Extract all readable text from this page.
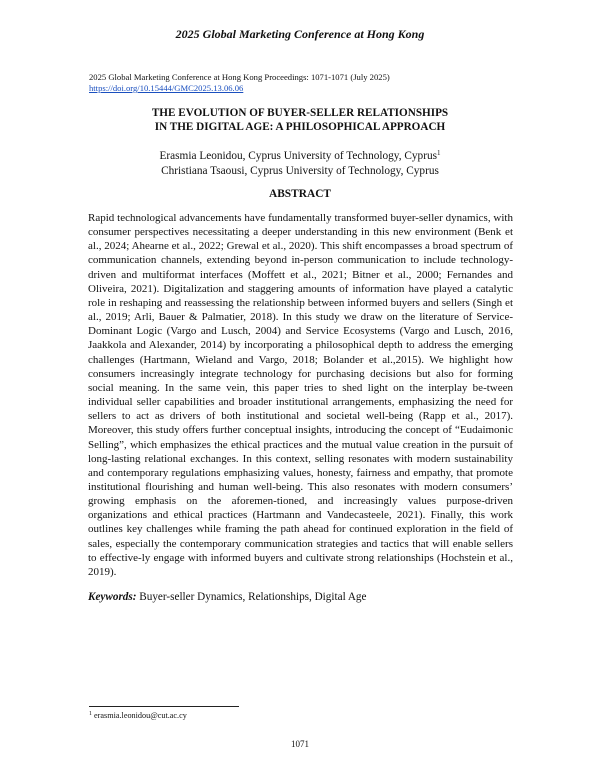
2025 Global Marketing Conference at Hong Kong
2025 Global Marketing Conference at Hong Kong Proceedings: 1071-1071 (July 2025)
https://doi.org/10.15444/GMC2025.13.06.06
THE EVOLUTION OF BUYER-SELLER RELATIONSHIPS
IN THE DIGITAL AGE: A PHILOSOPHICAL APPROACH
Erasmia Leonidou, Cyprus University of Technology, Cyprus$^1$
Christiana Tsaousi, Cyprus University of Technology, Cyprus
ABSTRACT
Rapid technological advancements have fundamentally transformed buyer-seller dynamics, with consumer perspectives necessitating a deeper understanding in this new environment (Benk et al., 2024; Ahearne et al., 2022; Grewal et al., 2020). This shift encompasses a broad spectrum of communication channels, extending beyond in-person communication to include technology-driven and multiformat interfaces (Moffett et al., 2021; Bitner et al., 2000; Fernandes and Oliveira, 2021). Digitalization and staggering amounts of information have played a catalytic role in reshaping and reassessing the relationship between informed buyers and sellers (Singh et al., 2019; Arli, Bauer & Palmatier, 2018). In this study we draw on the literature of Service-Dominant Logic (Vargo and Lusch, 2004) and Service Ecosystems (Vargo and Lusch, 2016, Jaakkola and Alexander, 2014) by incorporating a philosophical depth to address the emerging challenges (Hartmann, Wieland and Vargo, 2018; Bolander et al.,2015). We highlight how consumers increasingly integrate technology for purchasing decisions but also for forming social meaning. In the same vein, this paper tries to shed light on the interplay be-tween individual seller capabilities and broader institutional arrangements, emphasizing the need for sellers to act as drivers of both institutional and societal well-being (Rapp et al., 2017). Moreover, this study offers further conceptual insights, introducing the concept of “Eudaimonic Selling”, which emphasizes the ethical practices and the mutual value creation in the pursuit of long-lasting relational exchanges. In this context, selling resonates with modern sustainability and contemporary regulations emphasizing values, honesty, fairness and empathy, that promote institutional flourishing and human well-being. This also resonates with modern consumers’ growing emphasis on the aforemen-tioned, and increasingly values purpose-driven organizations and ethical practices (Hartmann and Vandecasteele, 2021). Finally, this work outlines key challenges while framing the path ahead for continued exploration in the field of sales, especially the contemporary communication strategies and tactics that will enable sellers to effective-ly engage with informed buyers and cultivate strong relationships (Hochstein et al., 2019).
Keywords: Buyer-seller Dynamics, Relationships, Digital Age
$^1$ erasmia.leonidou@cut.ac.cy
1071
